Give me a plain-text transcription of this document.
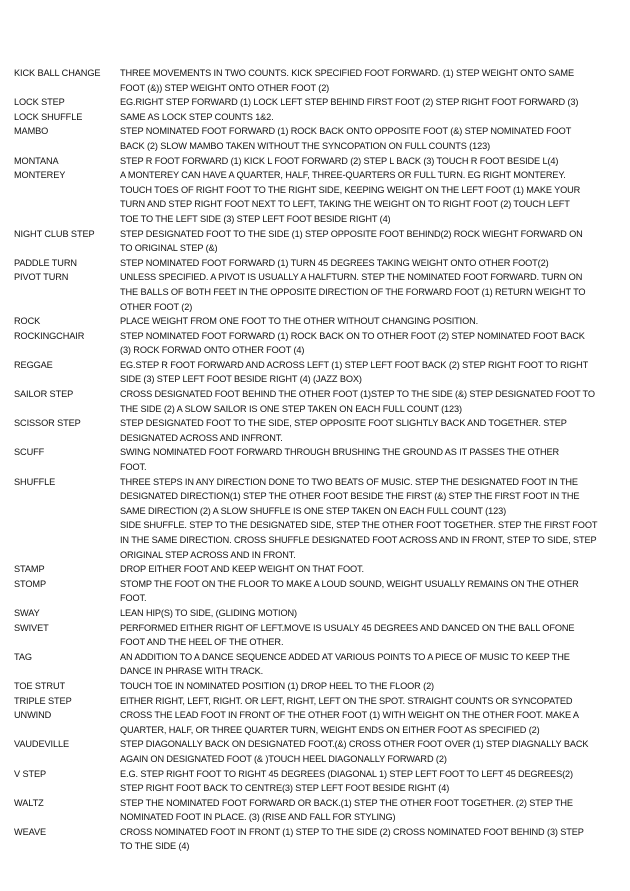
KICK BALL CHANGE	THREE MOVEMENTS IN TWO COUNTS. KICK SPECIFIED FOOT FORWARD. (1) STEP WEIGHT ONTO SAME
FOOT (&)) STEP WEIGHT ONTO OTHER FOOT (2)
LOCK STEP	EG.RIGHT STEP FORWARD (1) LOCK LEFT STEP BEHIND FIRST FOOT (2) STEP RIGHT FOOT FORWARD (3)
LOCK SHUFFLE	SAME AS LOCK STEP COUNTS 1&2.
MAMBO	STEP NOMINATED FOOT FORWARD (1) ROCK BACK ONTO OPPOSITE FOOT (&) STEP NOMINATED FOOT
BACK (2) SLOW MAMBO TAKEN WITHOUT THE SYNCOPATION ON FULL COUNTS (123)
MONTANA	STEP R FOOT FORWARD (1) KICK L FOOT FORWARD (2) STEP L BACK (3) TOUCH R FOOT BESIDE L(4)
MONTEREY	A MONTEREY CAN HAVE A QUARTER, HALF, THREE-QUARTERS OR FULL TURN. EG RIGHT MONTEREY.
TOUCH TOES OF RIGHT FOOT TO THE RIGHT SIDE, KEEPING WEIGHT ON THE LEFT FOOT (1) MAKE YOUR
TURN AND STEP RIGHT FOOT NEXT TO LEFT, TAKING THE WEIGHT ON TO RIGHT FOOT (2) TOUCH LEFT
TOE TO THE LEFT SIDE (3) STEP LEFT FOOT BESIDE RIGHT (4)
NIGHT CLUB STEP	STEP DESIGNATED FOOT TO THE SIDE (1) STEP OPPOSITE FOOT BEHIND(2) ROCK WIEGHT FORWARD ON
TO ORIGINAL STEP (&)
PADDLE TURN	STEP NOMINATED FOOT FORWARD (1) TURN 45 DEGREES TAKING WEIGHT ONTO OTHER FOOT(2)
PIVOT TURN	UNLESS SPECIFIED. A PIVOT IS USUALLY A HALFTURN. STEP THE NOMINATED FOOT FORWARD. TURN ON
THE BALLS OF BOTH FEET IN THE OPPOSITE DIRECTION OF THE FORWARD FOOT (1) RETURN WEIGHT TO
OTHER FOOT (2)
ROCK	PLACE WEIGHT FROM ONE FOOT TO THE OTHER WITHOUT CHANGING POSITION.
ROCKINGCHAIR	STEP NOMINATED FOOT FORWARD (1) ROCK BACK ON TO OTHER FOOT (2) STEP NOMINATED FOOT BACK
(3) ROCK FORWAD ONTO OTHER FOOT (4)
REGGAE	EG.STEP R FOOT FORWARD AND ACROSS LEFT (1) STEP LEFT FOOT BACK (2) STEP RIGHT FOOT TO RIGHT
SIDE (3) STEP LEFT FOOT BESIDE RIGHT (4) (JAZZ BOX)
SAILOR STEP	CROSS DESIGNATED FOOT BEHIND THE OTHER FOOT (1)STEP TO THE SIDE (&) STEP DESIGNATED FOOT TO
THE SIDE (2) A SLOW SAILOR IS ONE STEP TAKEN ON EACH FULL COUNT (123)
SCISSOR STEP	STEP DESIGNATED FOOT TO THE SIDE, STEP OPPOSITE FOOT SLIGHTLY BACK AND TOGETHER. STEP
DESIGNATED ACROSS AND INFRONT.
SCUFF	SWING NOMINATED FOOT FORWARD THROUGH BRUSHING THE GROUND AS IT PASSES THE OTHER
FOOT.
SHUFFLE	THREE STEPS IN ANY DIRECTION DONE TO TWO BEATS OF MUSIC. STEP THE DESIGNATED FOOT IN THE
DESIGNATED DIRECTION(1) STEP THE OTHER FOOT BESIDE THE FIRST (&) STEP THE FIRST FOOT IN THE
SAME DIRECTION (2) A SLOW SHUFFLE IS ONE STEP TAKEN ON EACH FULL COUNT (123)
SIDE SHUFFLE. STEP TO THE DESIGNATED SIDE, STEP THE OTHER FOOT TOGETHER. STEP THE FIRST FOOT
IN THE SAME DIRECTION. CROSS SHUFFLE DESIGNATED FOOT ACROSS AND IN FRONT, STEP TO SIDE, STEP
ORIGINAL STEP ACROSS AND IN FRONT.
STAMP	DROP EITHER FOOT AND KEEP WEIGHT ON THAT FOOT.
STOMP	STOMP THE FOOT ON THE FLOOR TO MAKE A LOUD SOUND, WEIGHT USUALLY REMAINS ON THE OTHER
FOOT.
SWAY	LEAN HIP(S) TO SIDE, (GLIDING MOTION)
SWIVET	PERFORMED EITHER RIGHT OF LEFT.MOVE IS USUALY 45 DEGREES AND DANCED ON THE BALL OFONE
FOOT AND THE HEEL OF THE OTHER.
TAG	AN ADDITION TO A DANCE SEQUENCE ADDED AT VARIOUS POINTS TO A PIECE OF MUSIC TO KEEP THE
DANCE IN PHRASE WITH TRACK.
TOE STRUT	TOUCH TOE IN NOMINATED POSITION (1) DROP HEEL TO THE FLOOR (2)
TRIPLE STEP	EITHER RIGHT, LEFT, RIGHT. OR LEFT, RIGHT, LEFT ON THE SPOT. STRAIGHT COUNTS OR SYNCOPATED
UNWIND	CROSS THE LEAD FOOT IN FRONT OF THE OTHER FOOT (1) WITH WEIGHT ON THE OTHER FOOT. MAKE A
QUARTER, HALF, OR THREE QUARTER TURN, WEIGHT ENDS ON EITHER FOOT AS SPECIFIED (2)
VAUDEVILLE	STEP DIAGONALLY BACK ON DESIGNATED FOOT.(&) CROSS OTHER FOOT OVER (1) STEP DIAGNALLY BACK
AGAIN ON DESIGNATED FOOT (& )TOUCH HEEL DIAGONALLY FORWARD (2)
V STEP	E.G. STEP RIGHT FOOT TO RIGHT 45 DEGREES (DIAGONAL 1) STEP LEFT FOOT TO LEFT 45 DEGREES(2)
STEP RIGHT FOOT BACK TO CENTRE(3) STEP LEFT FOOT BESIDE RIGHT (4)
WALTZ	STEP THE NOMINATED FOOT FORWARD OR BACK.(1) STEP THE OTHER FOOT TOGETHER. (2) STEP THE
NOMINATED FOOT IN PLACE. (3) (RISE AND FALL FOR STYLING)
WEAVE	CROSS NOMINATED FOOT IN FRONT (1) STEP TO THE SIDE (2) CROSS NOMINATED FOOT BEHIND (3) STEP
TO THE SIDE (4)
